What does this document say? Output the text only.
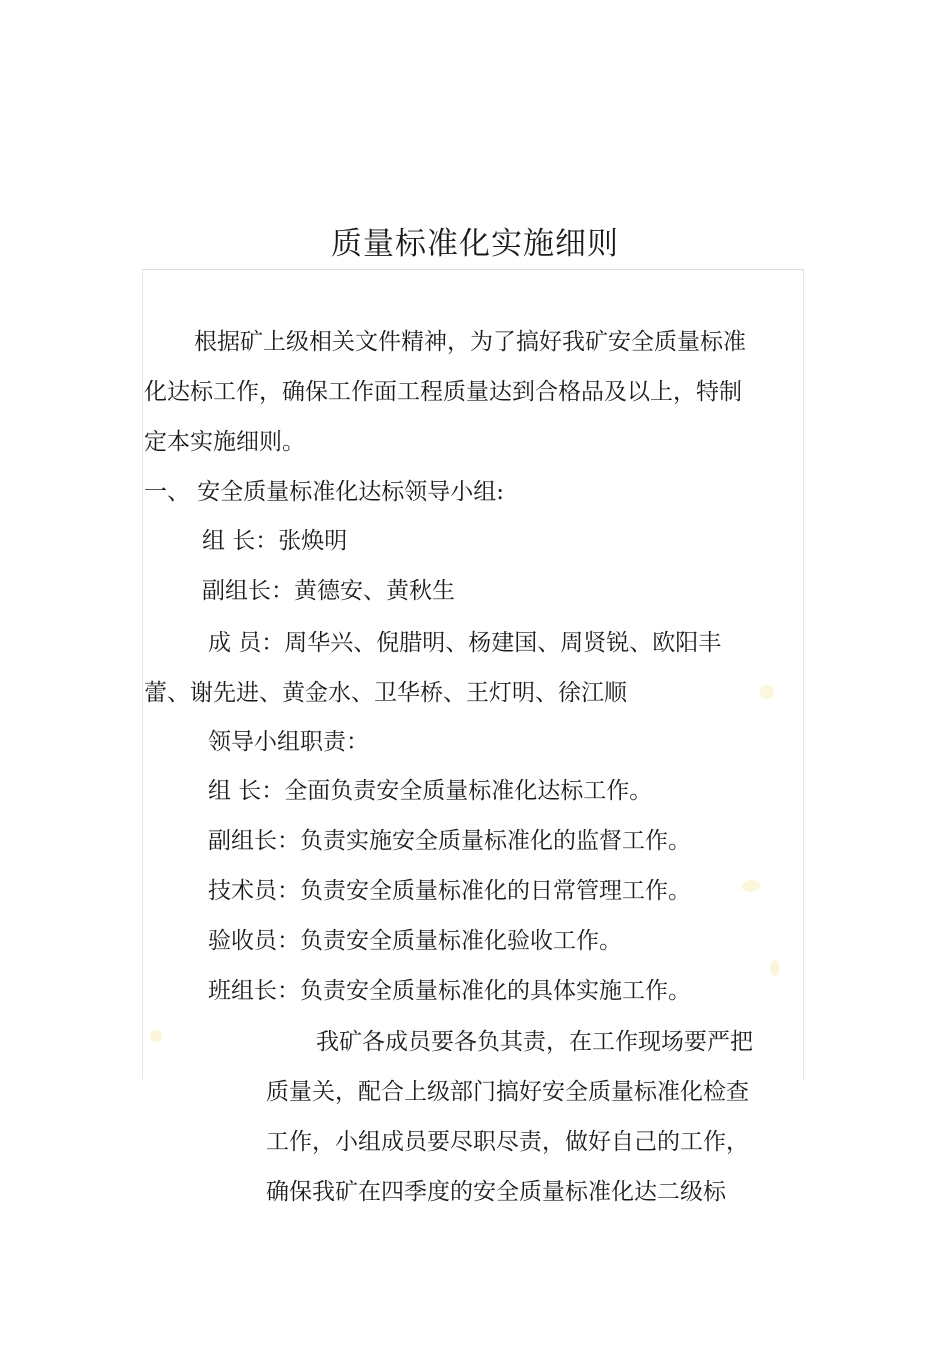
质量标准化实施细则
根据矿上级相关文件精神，为了搞好我矿安全质量标准
化达标工作，确保工作面工程质量达到合格品及以上，特制
定本实施细则。
一、 安全质量标准化达标领导小组:
组 长：张焕明
副组长：黄德安、黄秋生
成 员：周华兴、倪腊明、杨建国、周贤锐、欧阳丰
蕾、谢先进、黄金水、卫华桥、王灯明、徐江顺
领导小组职责：
组 长：全面负责安全质量标准化达标工作。
副组长：负责实施安全质量标准化的监督工作。
技术员：负责安全质量标准化的日常管理工作。
验收员：负责安全质量标准化验收工作。
班组长：负责安全质量标准化的具体实施工作。
我矿各成员要各负其责，在工作现场要严把
质量关，配合上级部门搞好安全质量标准化检查
工作，小组成员要尽职尽责，做好自己的工作，
确保我矿在四季度的安全质量标准化达二级标
